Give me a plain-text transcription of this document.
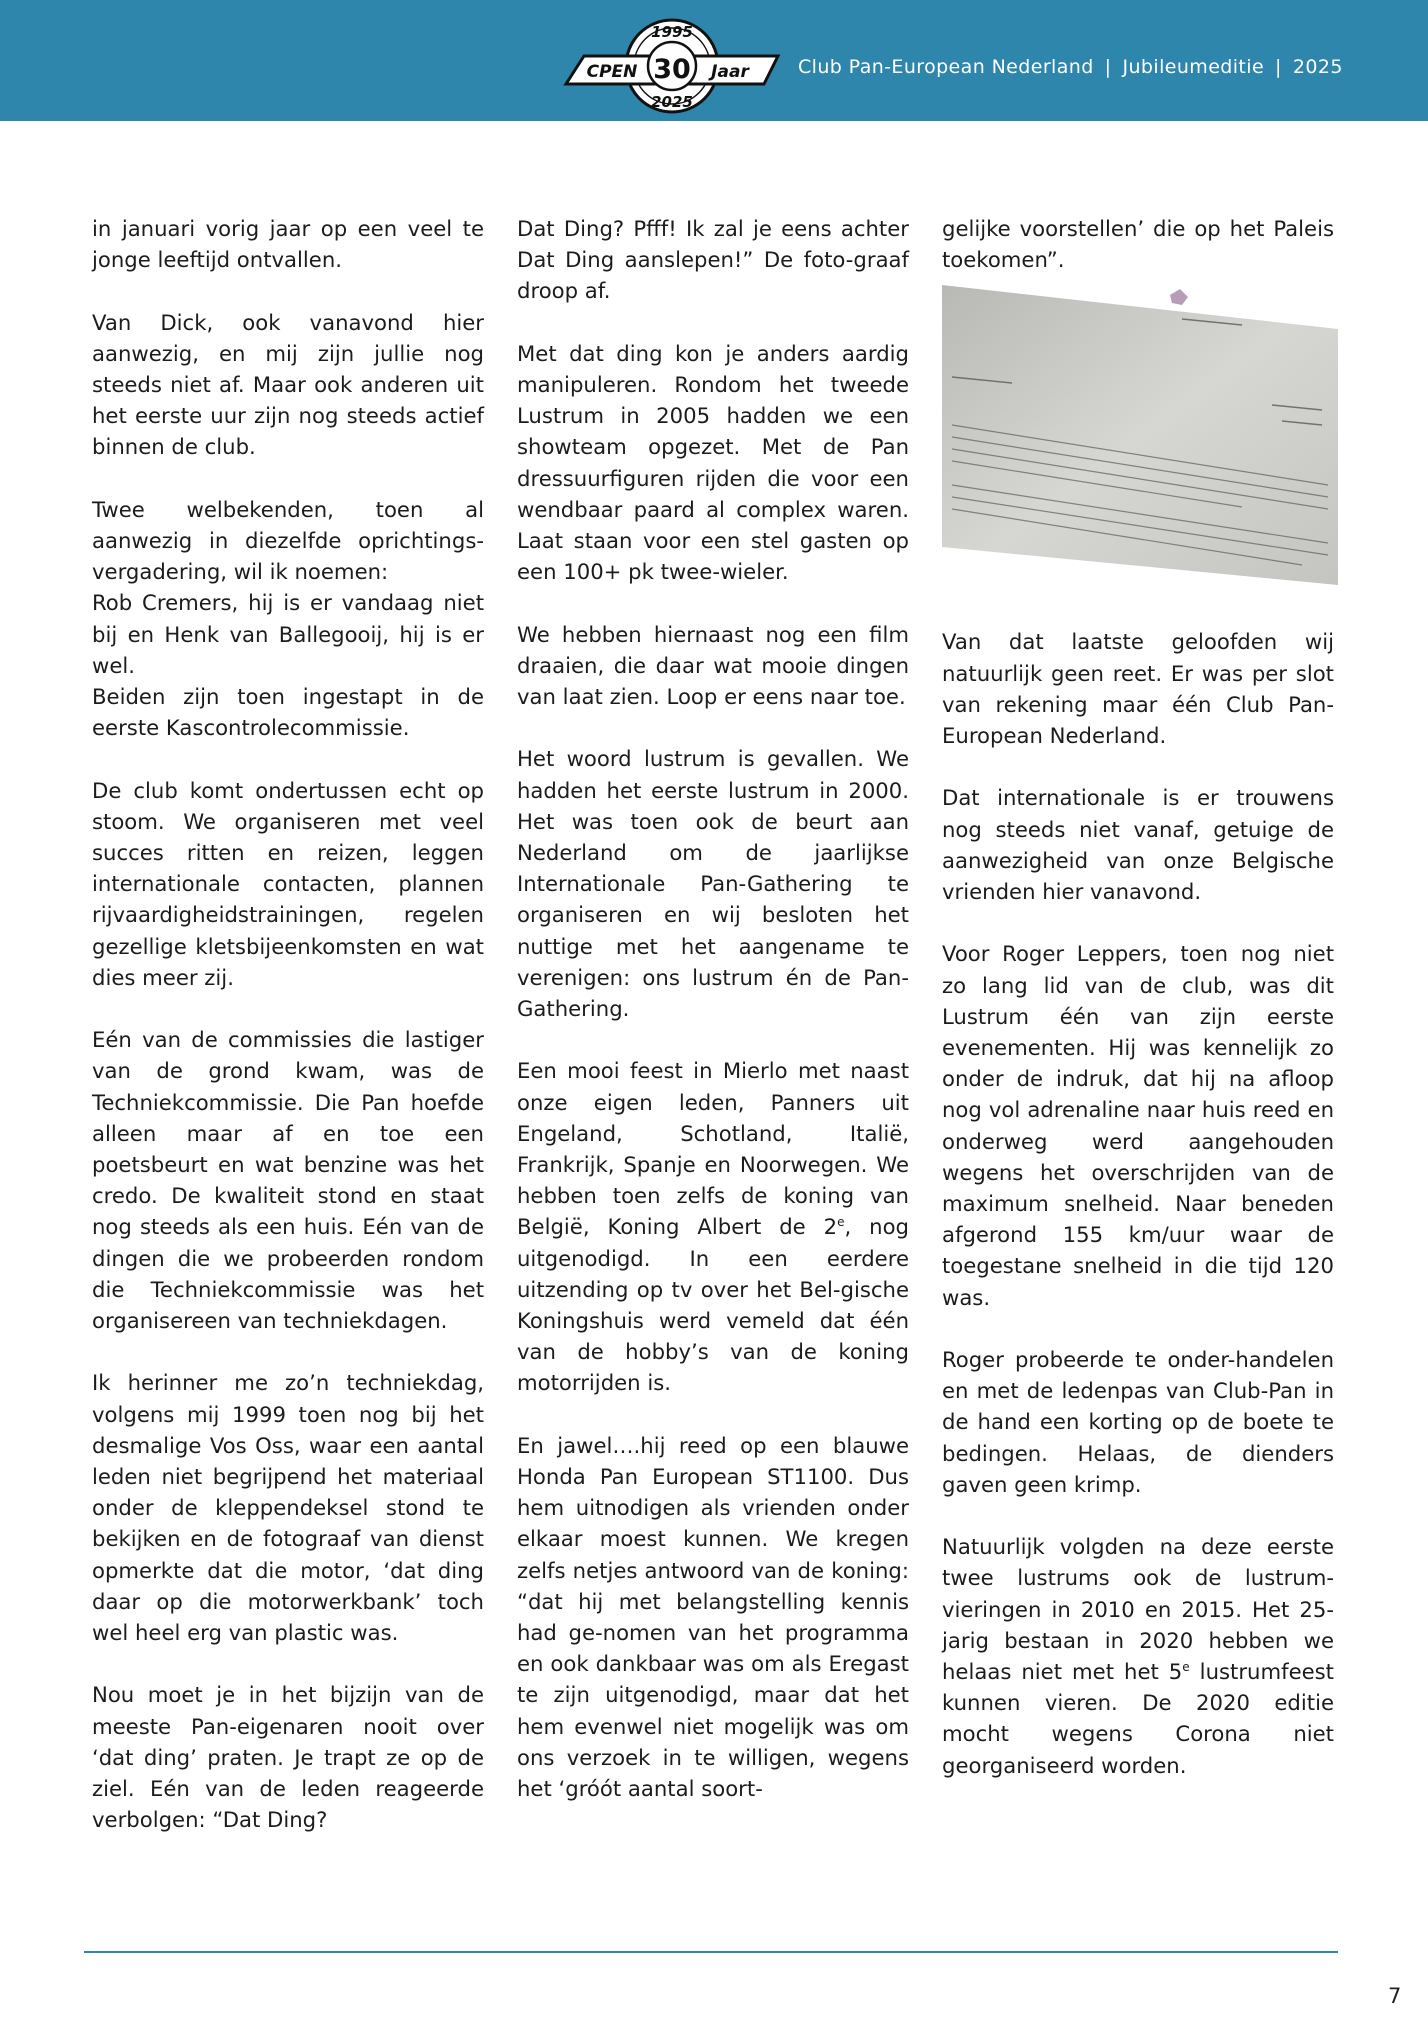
1995
CPEN 30 Jaar
2025
Club Pan-European Nederland | Jubileumeditie | 2025

in januari vorig jaar op een veel te jonge leeftijd ontvallen.

Van Dick, ook vanavond hier aanwezig, en mij zijn jullie nog steeds niet af. Maar ook anderen uit het eerste uur zijn nog steeds actief binnen de club.

Twee welbekenden, toen al aanwezig in diezelfde oprichtings-vergadering, wil ik noemen:

Rob Cremers, hij is er vandaag niet bij en Henk van Ballegooij, hij is er wel.

Beiden zijn toen ingestapt in de eerste Kascontrolecommissie.

De club komt ondertussen echt op stoom. We organiseren met veel succes ritten en reizen, leggen internationale contacten, plannen rijvaardigheidstrainingen, regelen gezellige kletsbijeenkomsten en wat dies meer zij.

Eén van de commissies die lastiger van de grond kwam, was de Techniekcommissie. Die Pan hoefde alleen maar af en toe een poetsbeurt en wat benzine was het credo. De kwaliteit stond en staat nog steeds als een huis. Eén van de dingen die we probeerden rondom die Techniekcommissie was het organisereen van techniekdagen.

Ik herinner me zo’n techniekdag, volgens mij 1999 toen nog bij het desmalige Vos Oss, waar een aantal leden niet begrijpend het materiaal onder de kleppendeksel stond te bekijken en de fotograaf van dienst opmerkte dat die motor, ‘dat ding daar op die motorwerkbank’ toch wel heel erg van plastic was.

Nou moet je in het bijzijn van de meeste Pan-eigenaren nooit over ‘dat ding’ praten. Je trapt ze op de ziel. Eén van de leden reageerde verbolgen: “Dat Ding?

Dat Ding? Pfff! Ik zal je eens achter Dat Ding aanslepen!” De foto-graaf droop af.

Met dat ding kon je anders aardig manipuleren. Rondom het tweede Lustrum in 2005 hadden we een showteam opgezet. Met de Pan dressuurfiguren rijden die voor een wendbaar paard al complex waren. Laat staan voor een stel gasten op een 100+ pk twee-wieler.

We hebben hiernaast nog een film draaien, die daar wat mooie dingen van laat zien. Loop er eens naar toe.

Het woord lustrum is gevallen. We hadden het eerste lustrum in 2000. Het was toen ook de beurt aan Nederland om de jaarlijkse Internationale Pan-Gathering te organiseren en wij besloten het nuttige met het aangename te verenigen: ons lustrum én de Pan-Gathering.

Een mooi feest in Mierlo met naast onze eigen leden, Panners uit Engeland, Schotland, Italië, Frankrijk, Spanje en Noorwegen. We hebben toen zelfs de koning van België, Koning Albert de 2e, nog uitgenodigd. In een eerdere uitzending op tv over het Bel-gische Koningshuis werd vemeld dat één van de hobby’s van de koning motorrijden is.

En jawel….hij reed op een blauwe Honda Pan European ST1100. Dus hem uitnodigen als vrienden onder elkaar moest kunnen. We kregen zelfs netjes antwoord van de koning: “dat hij met belangstelling kennis had ge-nomen van het programma en ook dankbaar was om als Eregast te zijn uitgenodigd, maar dat het hem evenwel niet mogelijk was om ons verzoek in te willigen, wegens het ‘gróót aantal soort-

gelijke voorstellen’ die op het Paleis toekomen”.

Van dat laatste geloofden wij natuurlijk geen reet. Er was per slot van rekening maar één Club Pan-European Nederland.

Dat internationale is er trouwens nog steeds niet vanaf, getuige de aanwezigheid van onze Belgische vrienden hier vanavond.

Voor Roger Leppers, toen nog niet zo lang lid van de club, was dit Lustrum één van zijn eerste evenementen. Hij was kennelijk zo onder de indruk, dat hij na afloop nog vol adrenaline naar huis reed en onderweg werd aangehouden wegens het overschrijden van de maximum snelheid. Naar beneden afgerond 155 km/uur waar de toegestane snelheid in die tijd 120 was.

Roger probeerde te onder-handelen en met de ledenpas van Club-Pan in de hand een korting op de boete te bedingen. Helaas, de dienders gaven geen krimp.

Natuurlijk volgden na deze eerste twee lustrums ook de lustrum-vieringen in 2010 en 2015. Het 25-jarig bestaan in 2020 hebben we helaas niet met het 5e lustrumfeest kunnen vieren. De 2020 editie mocht wegens Corona niet georganiseerd worden.

7
